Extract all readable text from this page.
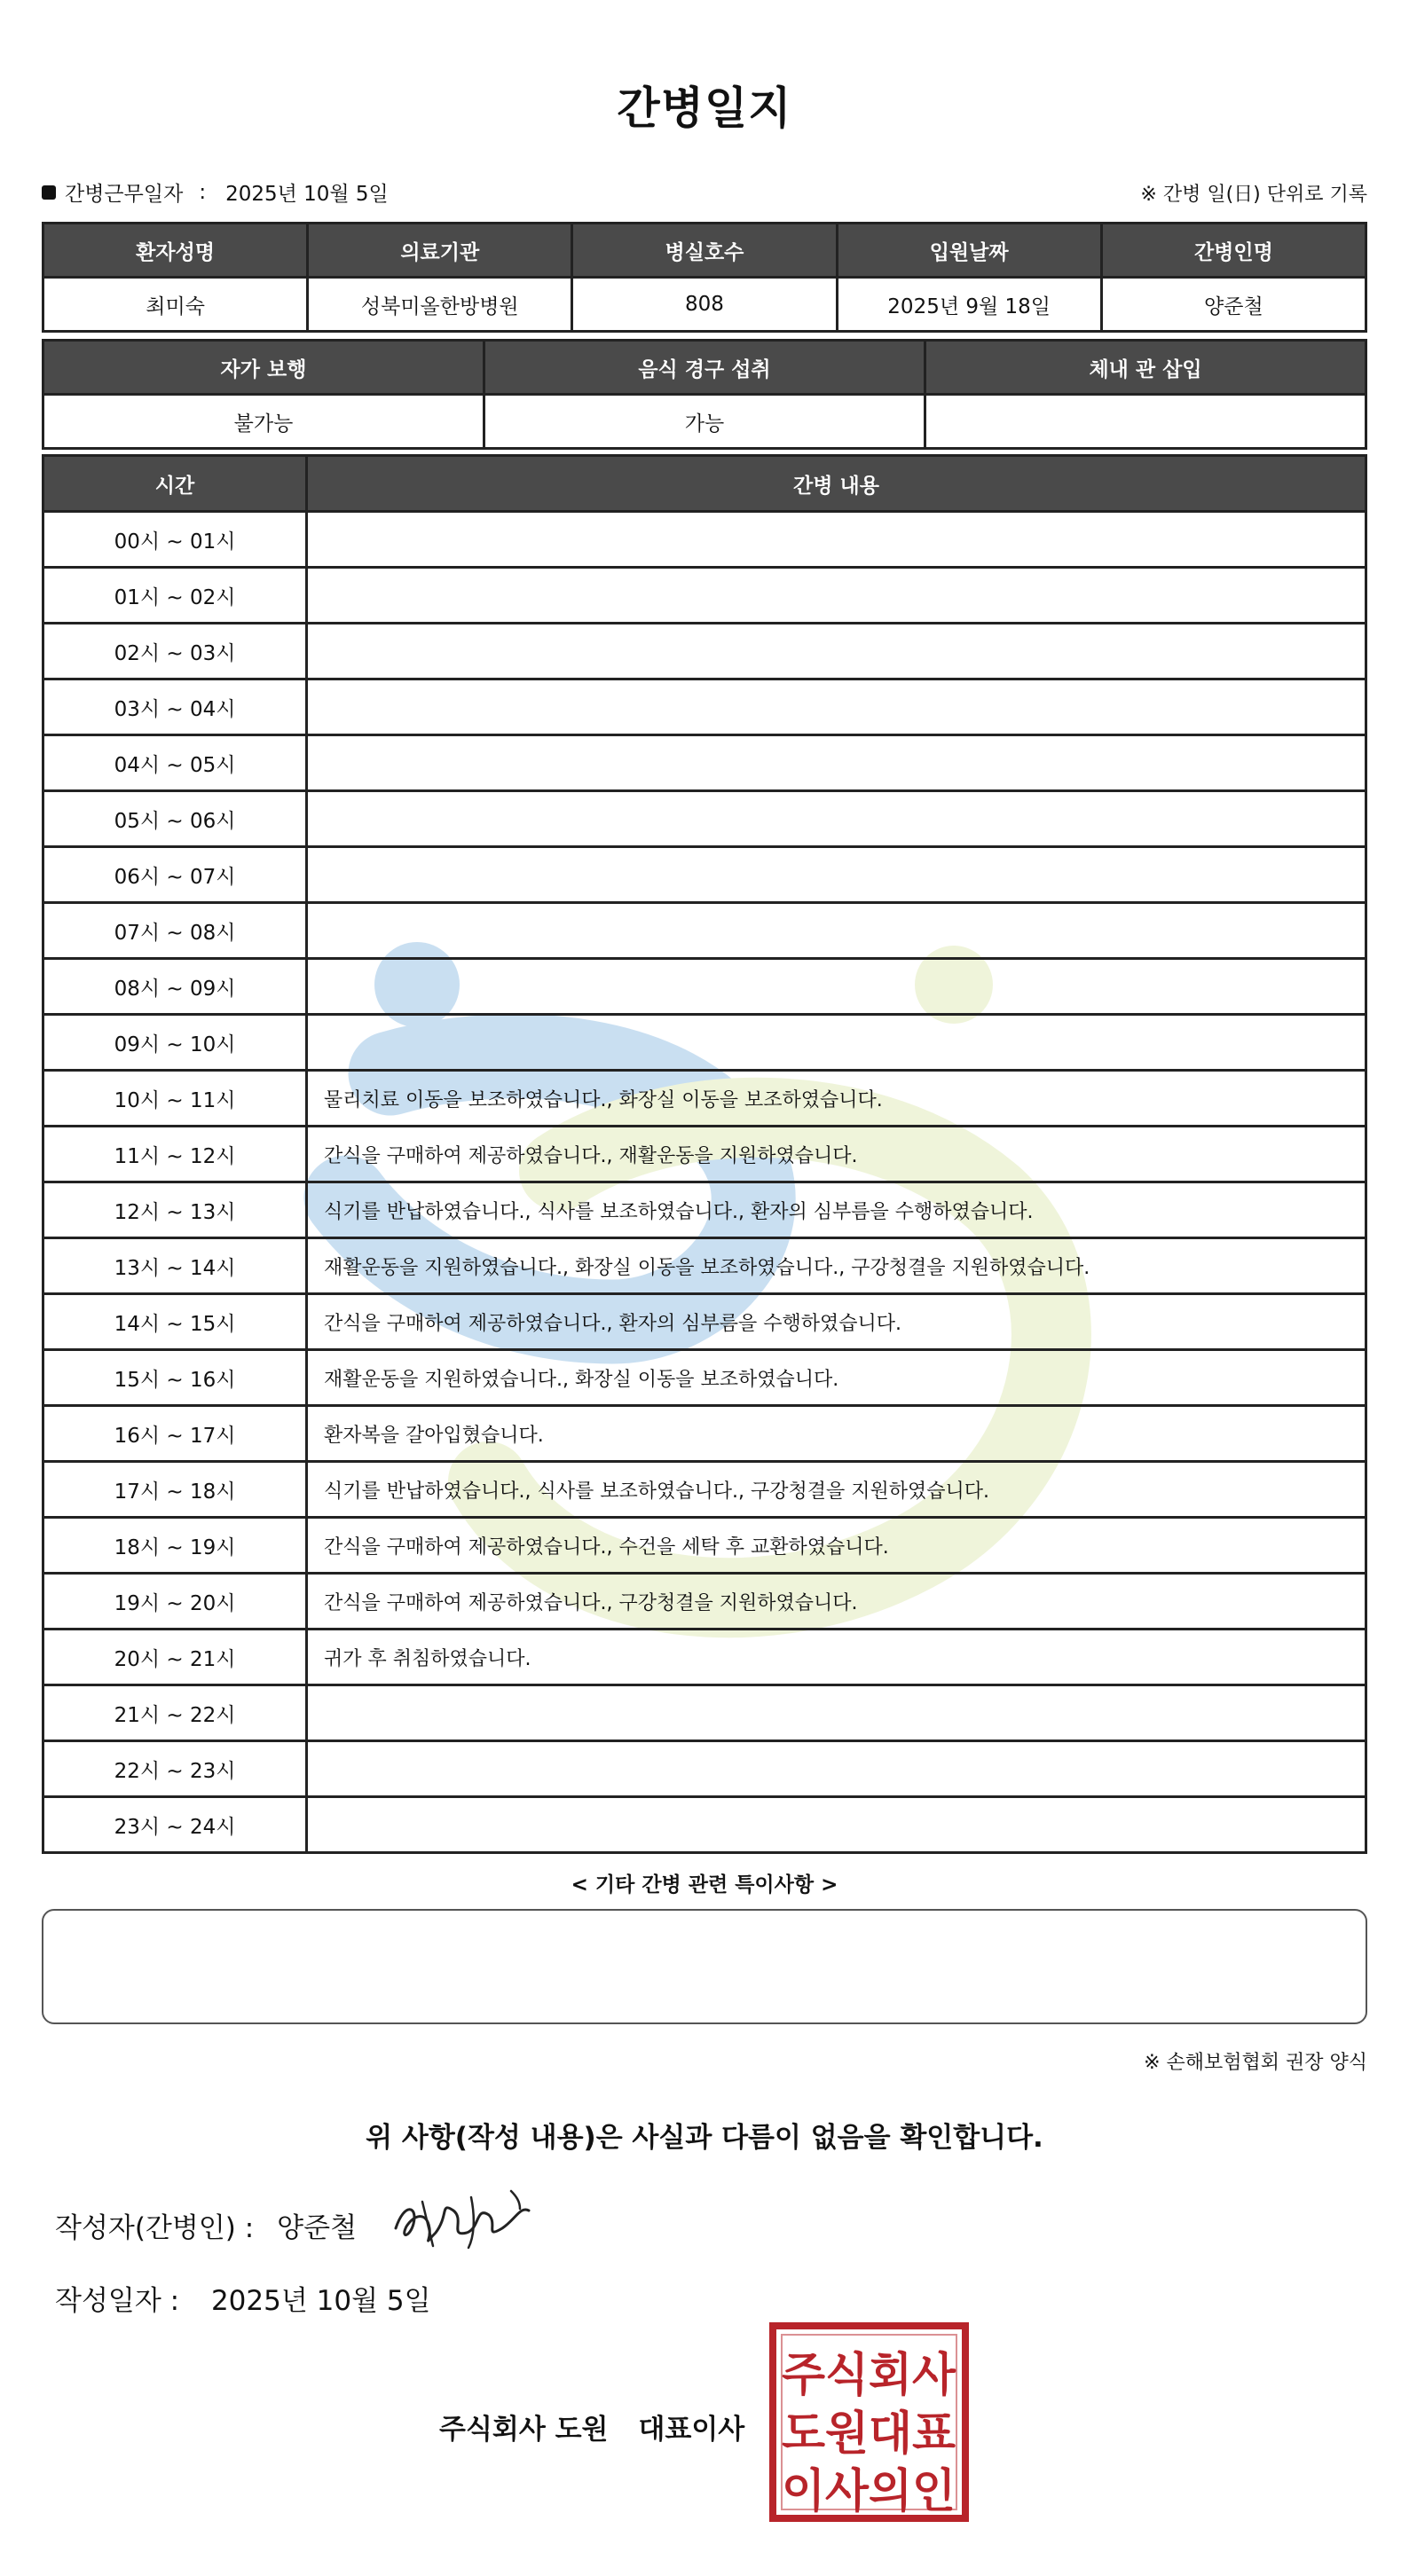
간병일지
간병근무일자 : 2025년 10월 5일	※ 간병 일(日) 단위로 기록
환자성명	의료기관	병실호수	입원날짜	간병인명
최미숙	성북미올한방병원	808	2025년 9월 18일	양준철
자가 보행	음식 경구 섭취	체내 관 삽입
불가능	가능	
시간	간병 내용
00시 ~ 01시	
01시 ~ 02시	
02시 ~ 03시	
03시 ~ 04시	
04시 ~ 05시	
05시 ~ 06시	
06시 ~ 07시	
07시 ~ 08시	
08시 ~ 09시	
09시 ~ 10시	
10시 ~ 11시	물리치료 이동을 보조하였습니다., 화장실 이동을 보조하였습니다.
11시 ~ 12시	간식을 구매하여 제공하였습니다., 재활운동을 지원하였습니다.
12시 ~ 13시	식기를 반납하였습니다., 식사를 보조하였습니다., 환자의 심부름을 수행하였습니다.
13시 ~ 14시	재활운동을 지원하였습니다., 화장실 이동을 보조하였습니다., 구강청결을 지원하였습니다.
14시 ~ 15시	간식을 구매하여 제공하였습니다., 환자의 심부름을 수행하였습니다.
15시 ~ 16시	재활운동을 지원하였습니다., 화장실 이동을 보조하였습니다.
16시 ~ 17시	환자복을 갈아입혔습니다.
17시 ~ 18시	식기를 반납하였습니다., 식사를 보조하였습니다., 구강청결을 지원하였습니다.
18시 ~ 19시	간식을 구매하여 제공하였습니다., 수건을 세탁 후 교환하였습니다.
19시 ~ 20시	간식을 구매하여 제공하였습니다., 구강청결을 지원하였습니다.
20시 ~ 21시	귀가 후 취침하였습니다.
21시 ~ 22시	
22시 ~ 23시	
23시 ~ 24시	
< 기타 간병 관련 특이사항 >
※ 손해보험협회 권장 양식
위 사항(작성 내용)은 사실과 다름이 없음을 확인합니다.
작성자(간병인) : 양준철
작성일자 : 2025년 10월 5일
주식회사 도원 대표이사
주식회사
도원대표
이사의인
